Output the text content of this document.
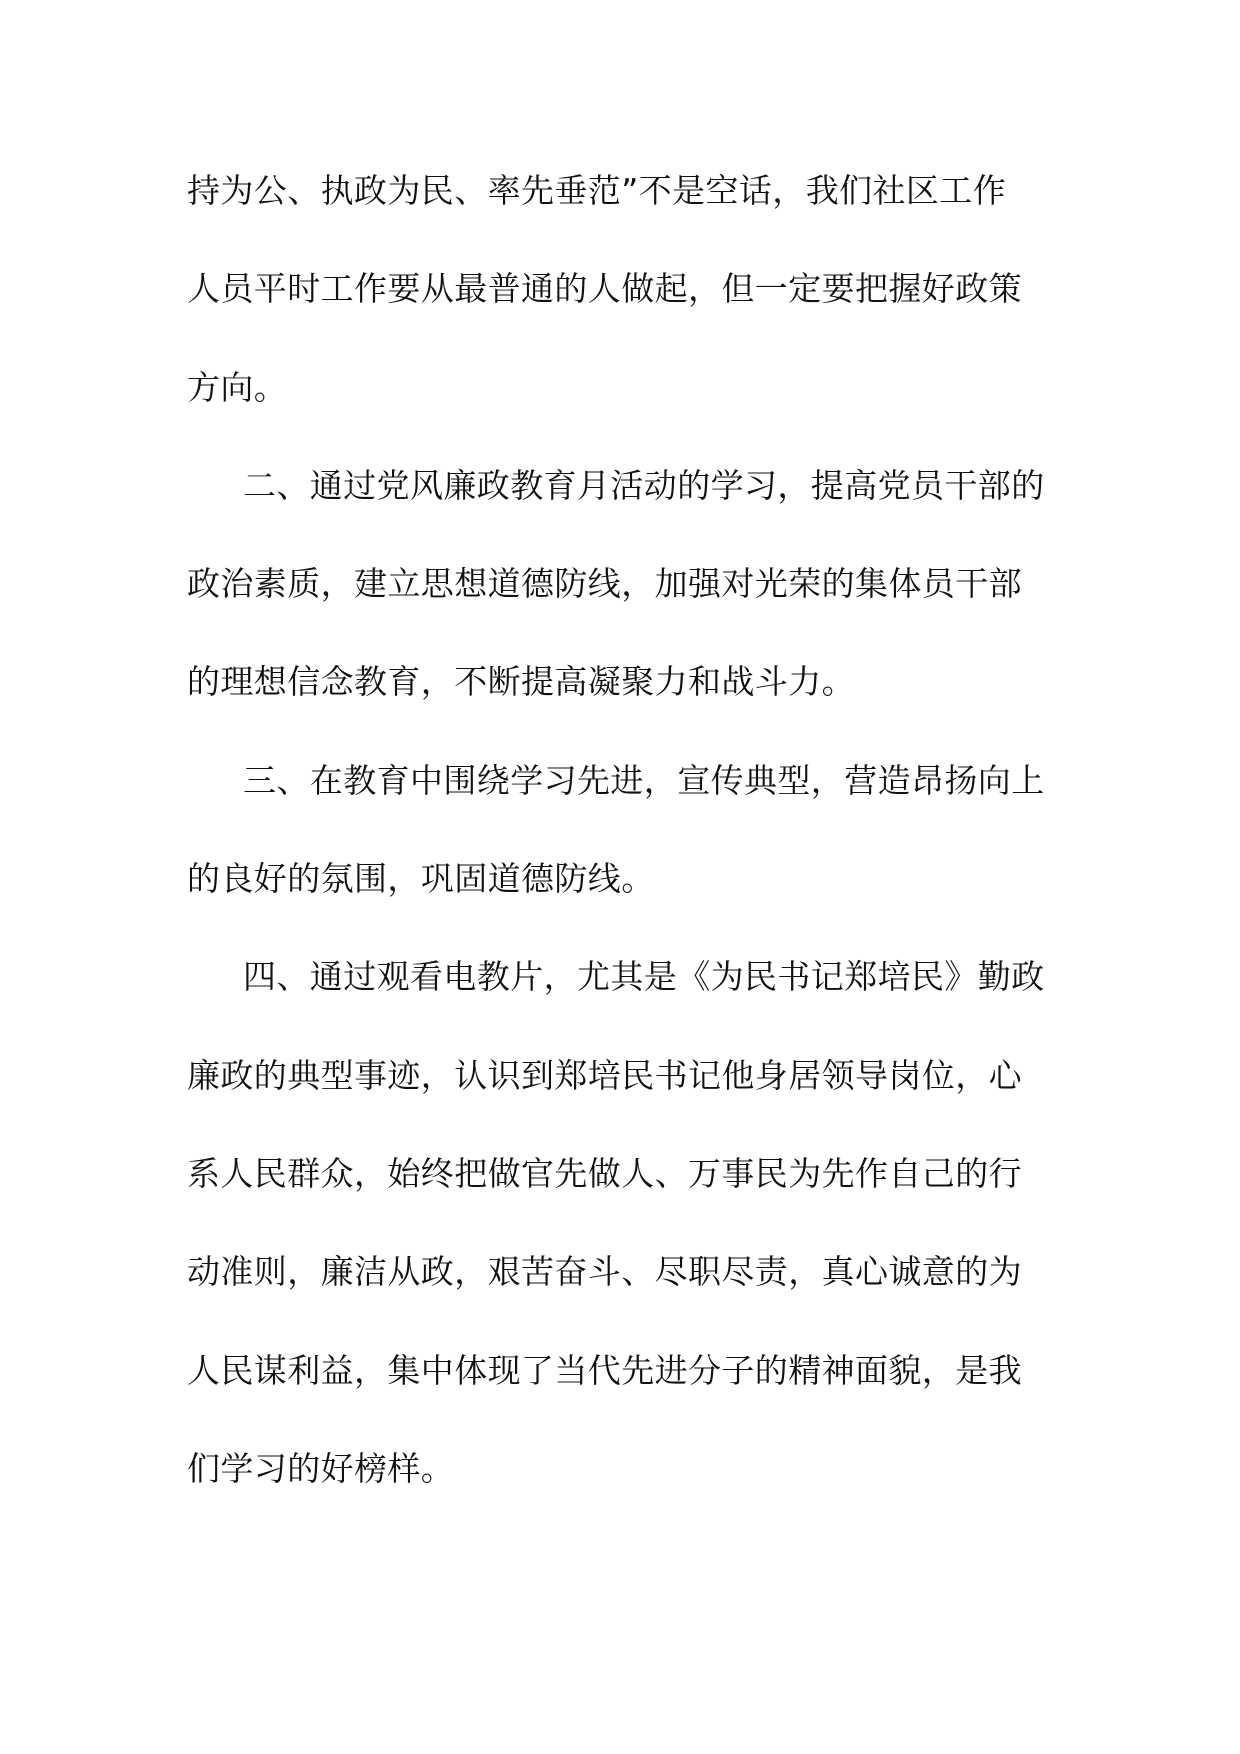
持为公、执政为民、率先垂范”不是空话，我们社区工作
人员平时工作要从最普通的人做起，但一定要把握好政策
方向。
二、通过党风廉政教育月活动的学习，提高党员干部的
政治素质，建立思想道德防线，加强对光荣的集体员干部
的理想信念教育，不断提高凝聚力和战斗力。
三、在教育中围绕学习先进，宣传典型，营造昂扬向上
的良好的氛围，巩固道德防线。
四、通过观看电教片，尤其是《为民书记郑培民》勤政
廉政的典型事迹，认识到郑培民书记他身居领导岗位，心
系人民群众，始终把做官先做人、万事民为先作自己的行
动准则，廉洁从政，艰苦奋斗、尽职尽责，真心诚意的为
人民谋利益，集中体现了当代先进分子的精神面貌，是我
们学习的好榜样。
